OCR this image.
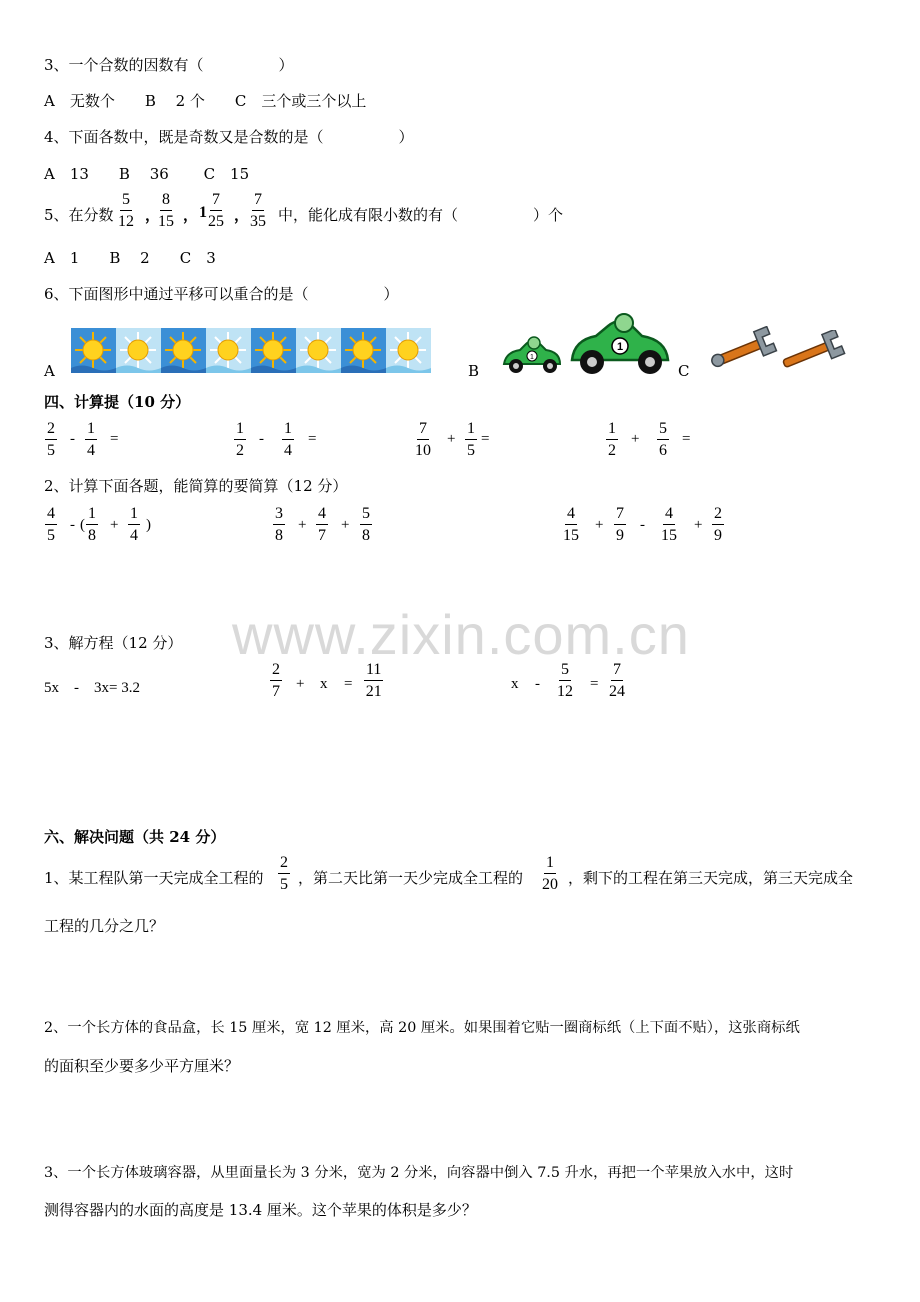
www.zixin.com.cn
3、一个合数的因数有（　　　　　）
A　无数个　　B　 2 个　　C　三个或三个以上
4、下面各数中，既是奇数又是合数的是（　　　　　）
A　13　　B　 36　　 C　15
5、在分数 $\frac{5}{12}$ ，
$\frac{8}{15}$ ， $1 \frac{7}{25}$ ， $\frac{7}{35}$ 中，能化成有限小数的有（　　　　　）个
A　1　　B　 2　　C　3
6、下面图形中通过平移可以重合的是（　　　　　）
A	B
1
1
C
四、计算提（10 分）
$\frac{2}{5} - \frac{1}{4}$ =	$\frac{1}{2} - \frac{1}{4}$ =	$\frac{7}{10} + \frac{1}{5}$ =	$\frac{1}{2} + \frac{5}{6}$ =
2、计算下面各题，能简算的要简算（12 分）
$\frac{4}{5}$ - ( $\frac{1}{8} + \frac{1}{4}$ )	$\frac{3}{8} + \frac{4}{7} + \frac{5}{8}$	$\frac{4}{15} + \frac{7}{9} - \frac{4}{15} + \frac{2}{9}$
3、解方程（12 分）
5x　-　3x= 3.2	$\frac{2}{7} + x = \frac{11}{21}$	$x - \frac{5}{12} = \frac{7}{24}$
六、解决问题（共 24 分）
1、某工程队第一天完成全工程的 $\frac{2}{5}$ ，第二天比第一天少完成全工程的 $\frac{1}{20}$ ，剩下的工程在第三天完成，第三天完成全
工程的几分之几？
2、一个长方体的食品盒，长 15 厘米，宽 12 厘米，高 20 厘米。如果围着它贴一圈商标纸（上下面不贴），这张商标纸
的面积至少要多少平方厘米？
3、一个长方体玻璃容器，从里面量长为 3 分米，宽为 2 分米，向容器中倒入 7.5 升水，再把一个苹果放入水中，这时
测得容器内的水面的高度是 13.4 厘米。这个苹果的体积是多少？
